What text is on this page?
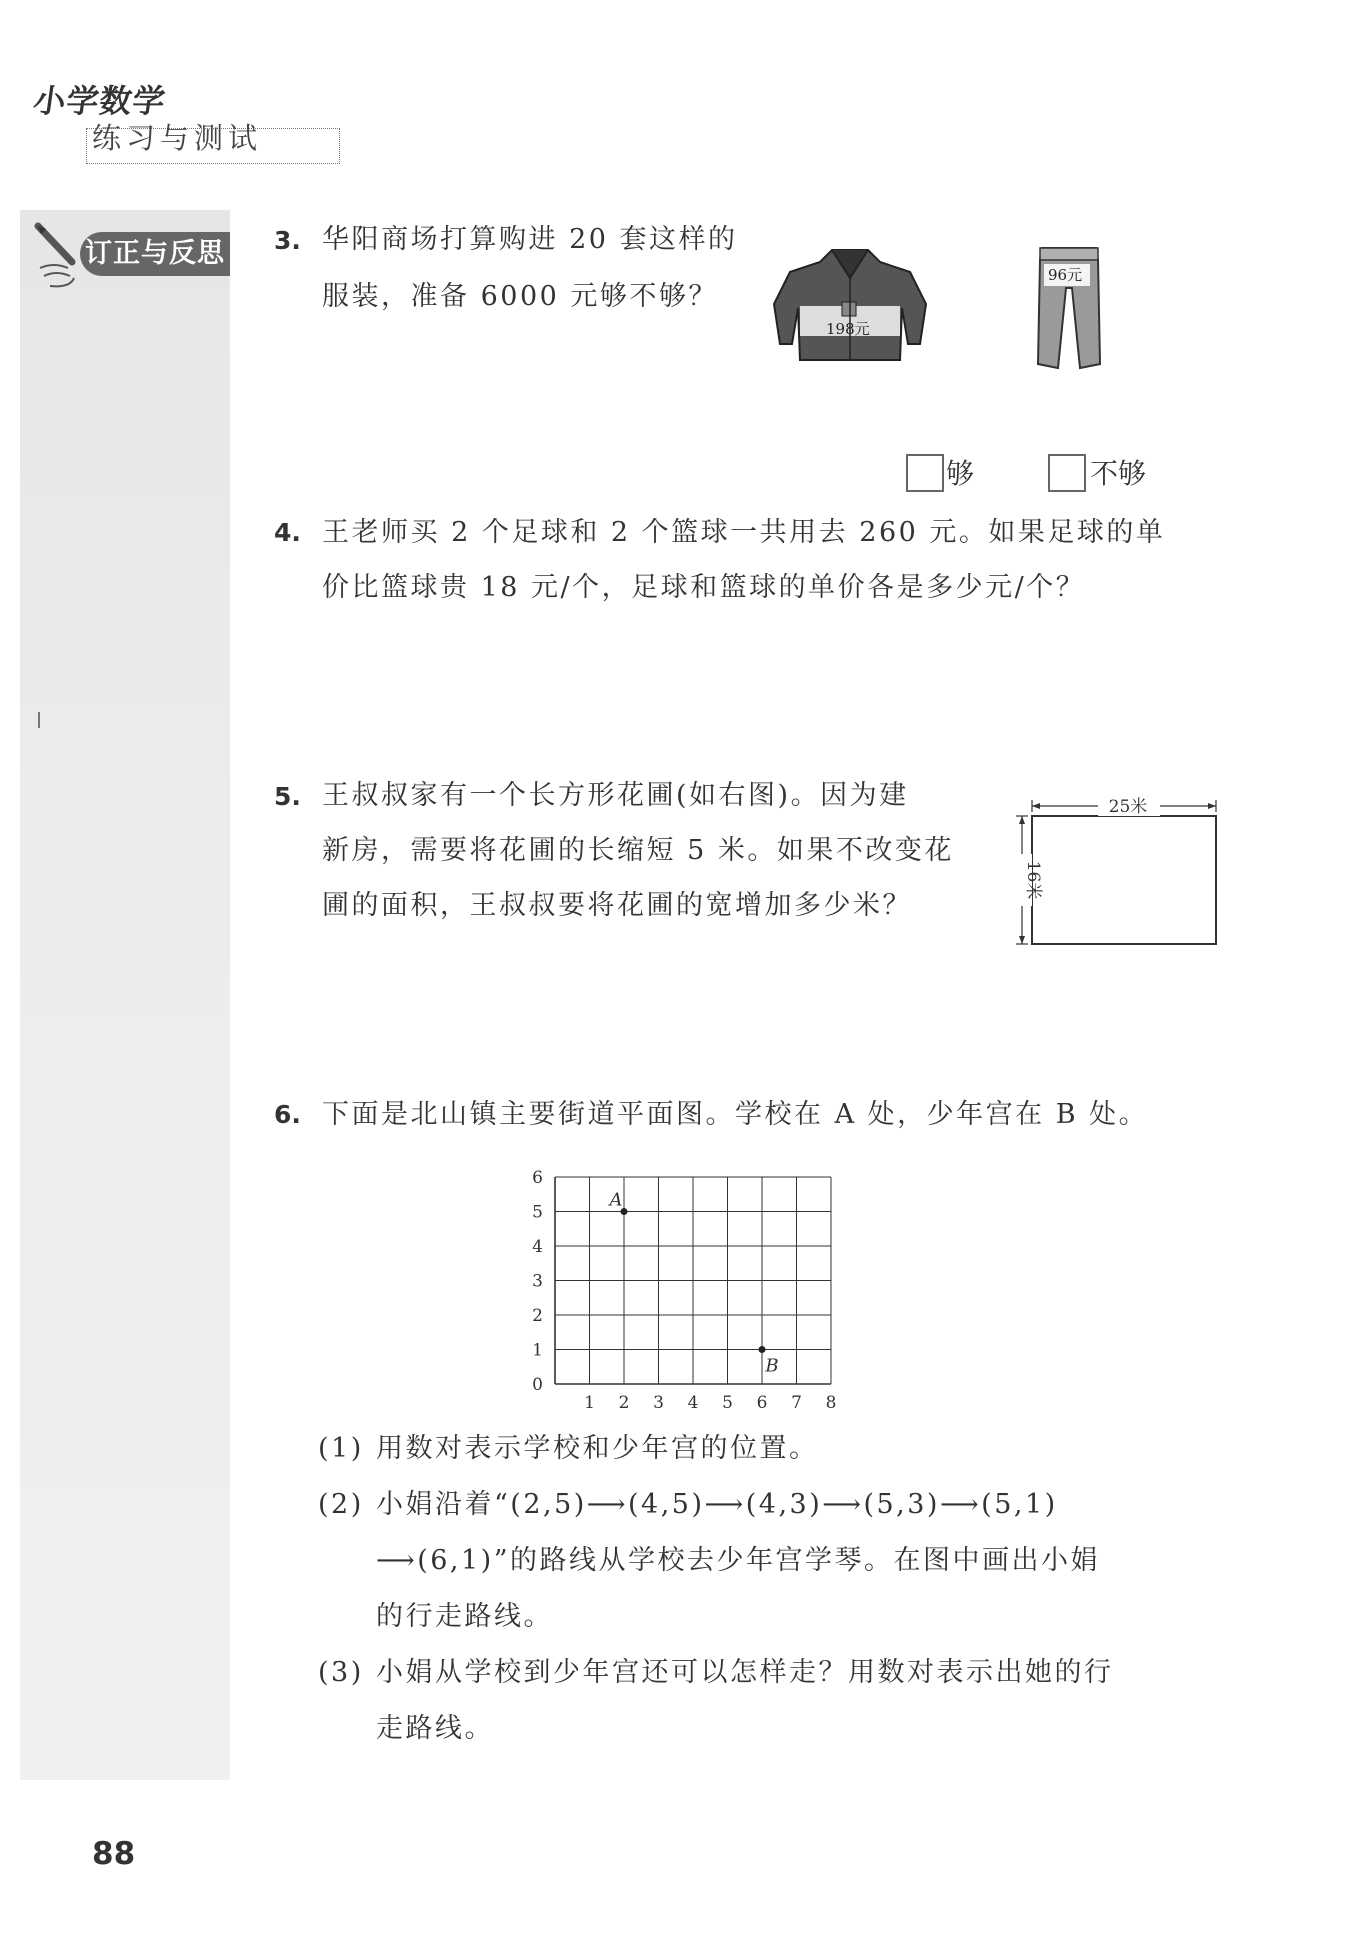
小学数学
练习与测试
订正与反思 3. 华阳商场打算购进 20 套这样的
服装，准备 6000 元够不够？
198元
96元
够	不够
4. 王老师买 2 个足球和 2 个篮球一共用去 260 元。如果足球的单
价比篮球贵 18 元/个，足球和篮球的单价各是多少元/个？
5. 王叔叔家有一个长方形花圃(如右图)。因为建
新房，需要将花圃的长缩短 5 米。如果不改变花
圃的面积，王叔叔要将花圃的宽增加多少米？
25米
16米
6. 下面是北山镇主要街道平面图。学校在 A 处，少年宫在 B 处。
1 2 3 4 5 6 7 8
0
1
2
3
4
5
6
A
B
(1) 用数对表示学校和少年宫的位置。
(2) 小娟沿着“(2,5)⟶(4,5)⟶(4,3)⟶(5,3)⟶(5,1)
⟶(6,1)”的路线从学校去少年宫学琴。在图中画出小娟
的行走路线。
(3) 小娟从学校到少年宫还可以怎样走？用数对表示出她的行
走路线。
88
